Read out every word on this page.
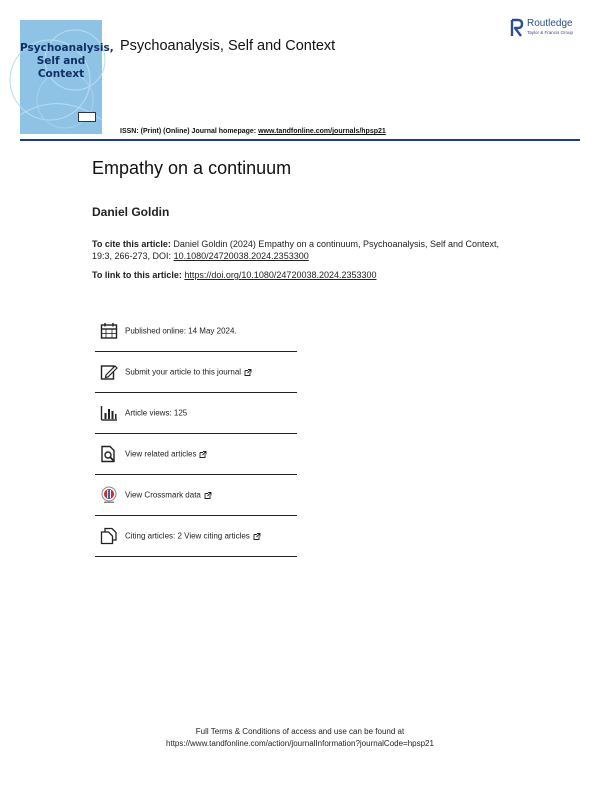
Psychoanalysis,
Self and
Context
Psychoanalysis, Self and Context
Routledge
Taylor & Francis Group
ISSN: (Print) (Online) Journal homepage: www.tandfonline.com/journals/hpsp21
Empathy on a continuum
Daniel Goldin
To cite this article: Daniel Goldin (2024) Empathy on a continuum, Psychoanalysis, Self and Context, 19:3, 266-273, DOI: 10.1080/24720038.2024.2353300
To link to this article: https://doi.org/10.1080/24720038.2024.2353300
Published online: 14 May 2024.
Submit your article to this journal
Article views: 125
View related articles
View Crossmark data
Citing articles: 2 View citing articles
Full Terms & Conditions of access and use can be found at
https://www.tandfonline.com/action/journalInformation?journalCode=hpsp21
